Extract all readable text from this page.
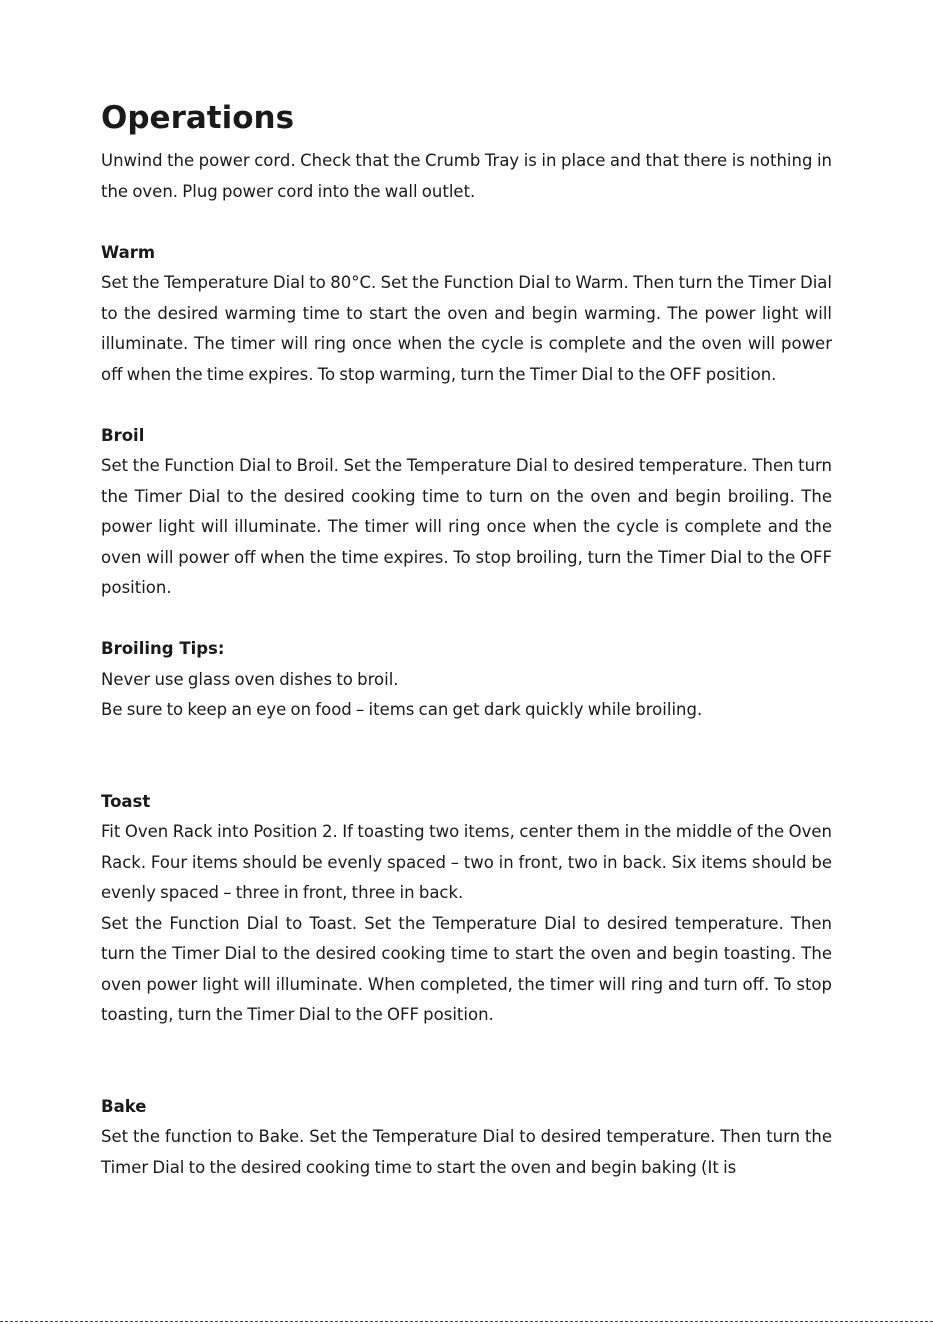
Operations

Unwind the power cord. Check that the Crumb Tray is in place and that there is nothing in the oven. Plug power cord into the wall outlet.

Warm

Set the Temperature Dial to 80°C. Set the Function Dial to Warm. Then turn the Timer Dial to the desired warming time to start the oven and begin warming. The power light will illuminate. The timer will ring once when the cycle is complete and the oven will power off when the time expires. To stop warming, turn the Timer Dial to the OFF position.

Broil

Set the Function Dial to Broil. Set the Temperature Dial to desired temperature. Then turn the Timer Dial to the desired cooking time to turn on the oven and begin broiling. The power light will illuminate. The timer will ring once when the cycle is complete and the oven will power off when the time expires. To stop broiling, turn the Timer Dial to the OFF position.

Broiling Tips:

Never use glass oven dishes to broil.

Be sure to keep an eye on food – items can get dark quickly while broiling.

Toast

Fit Oven Rack into Position 2. If toasting two items, center them in the middle of the Oven Rack. Four items should be evenly spaced – two in front, two in back. Six items should be evenly spaced – three in front, three in back.

Set the Function Dial to Toast. Set the Temperature Dial to desired temperature. Then turn the Timer Dial to the desired cooking time to start the oven and begin toasting. The oven power light will illuminate. When completed, the timer will ring and turn off. To stop toasting, turn the Timer Dial to the OFF position.

Bake

Set the function to Bake. Set the Temperature Dial to desired temperature. Then turn the Timer Dial to the desired cooking time to start the oven and begin baking (It is
